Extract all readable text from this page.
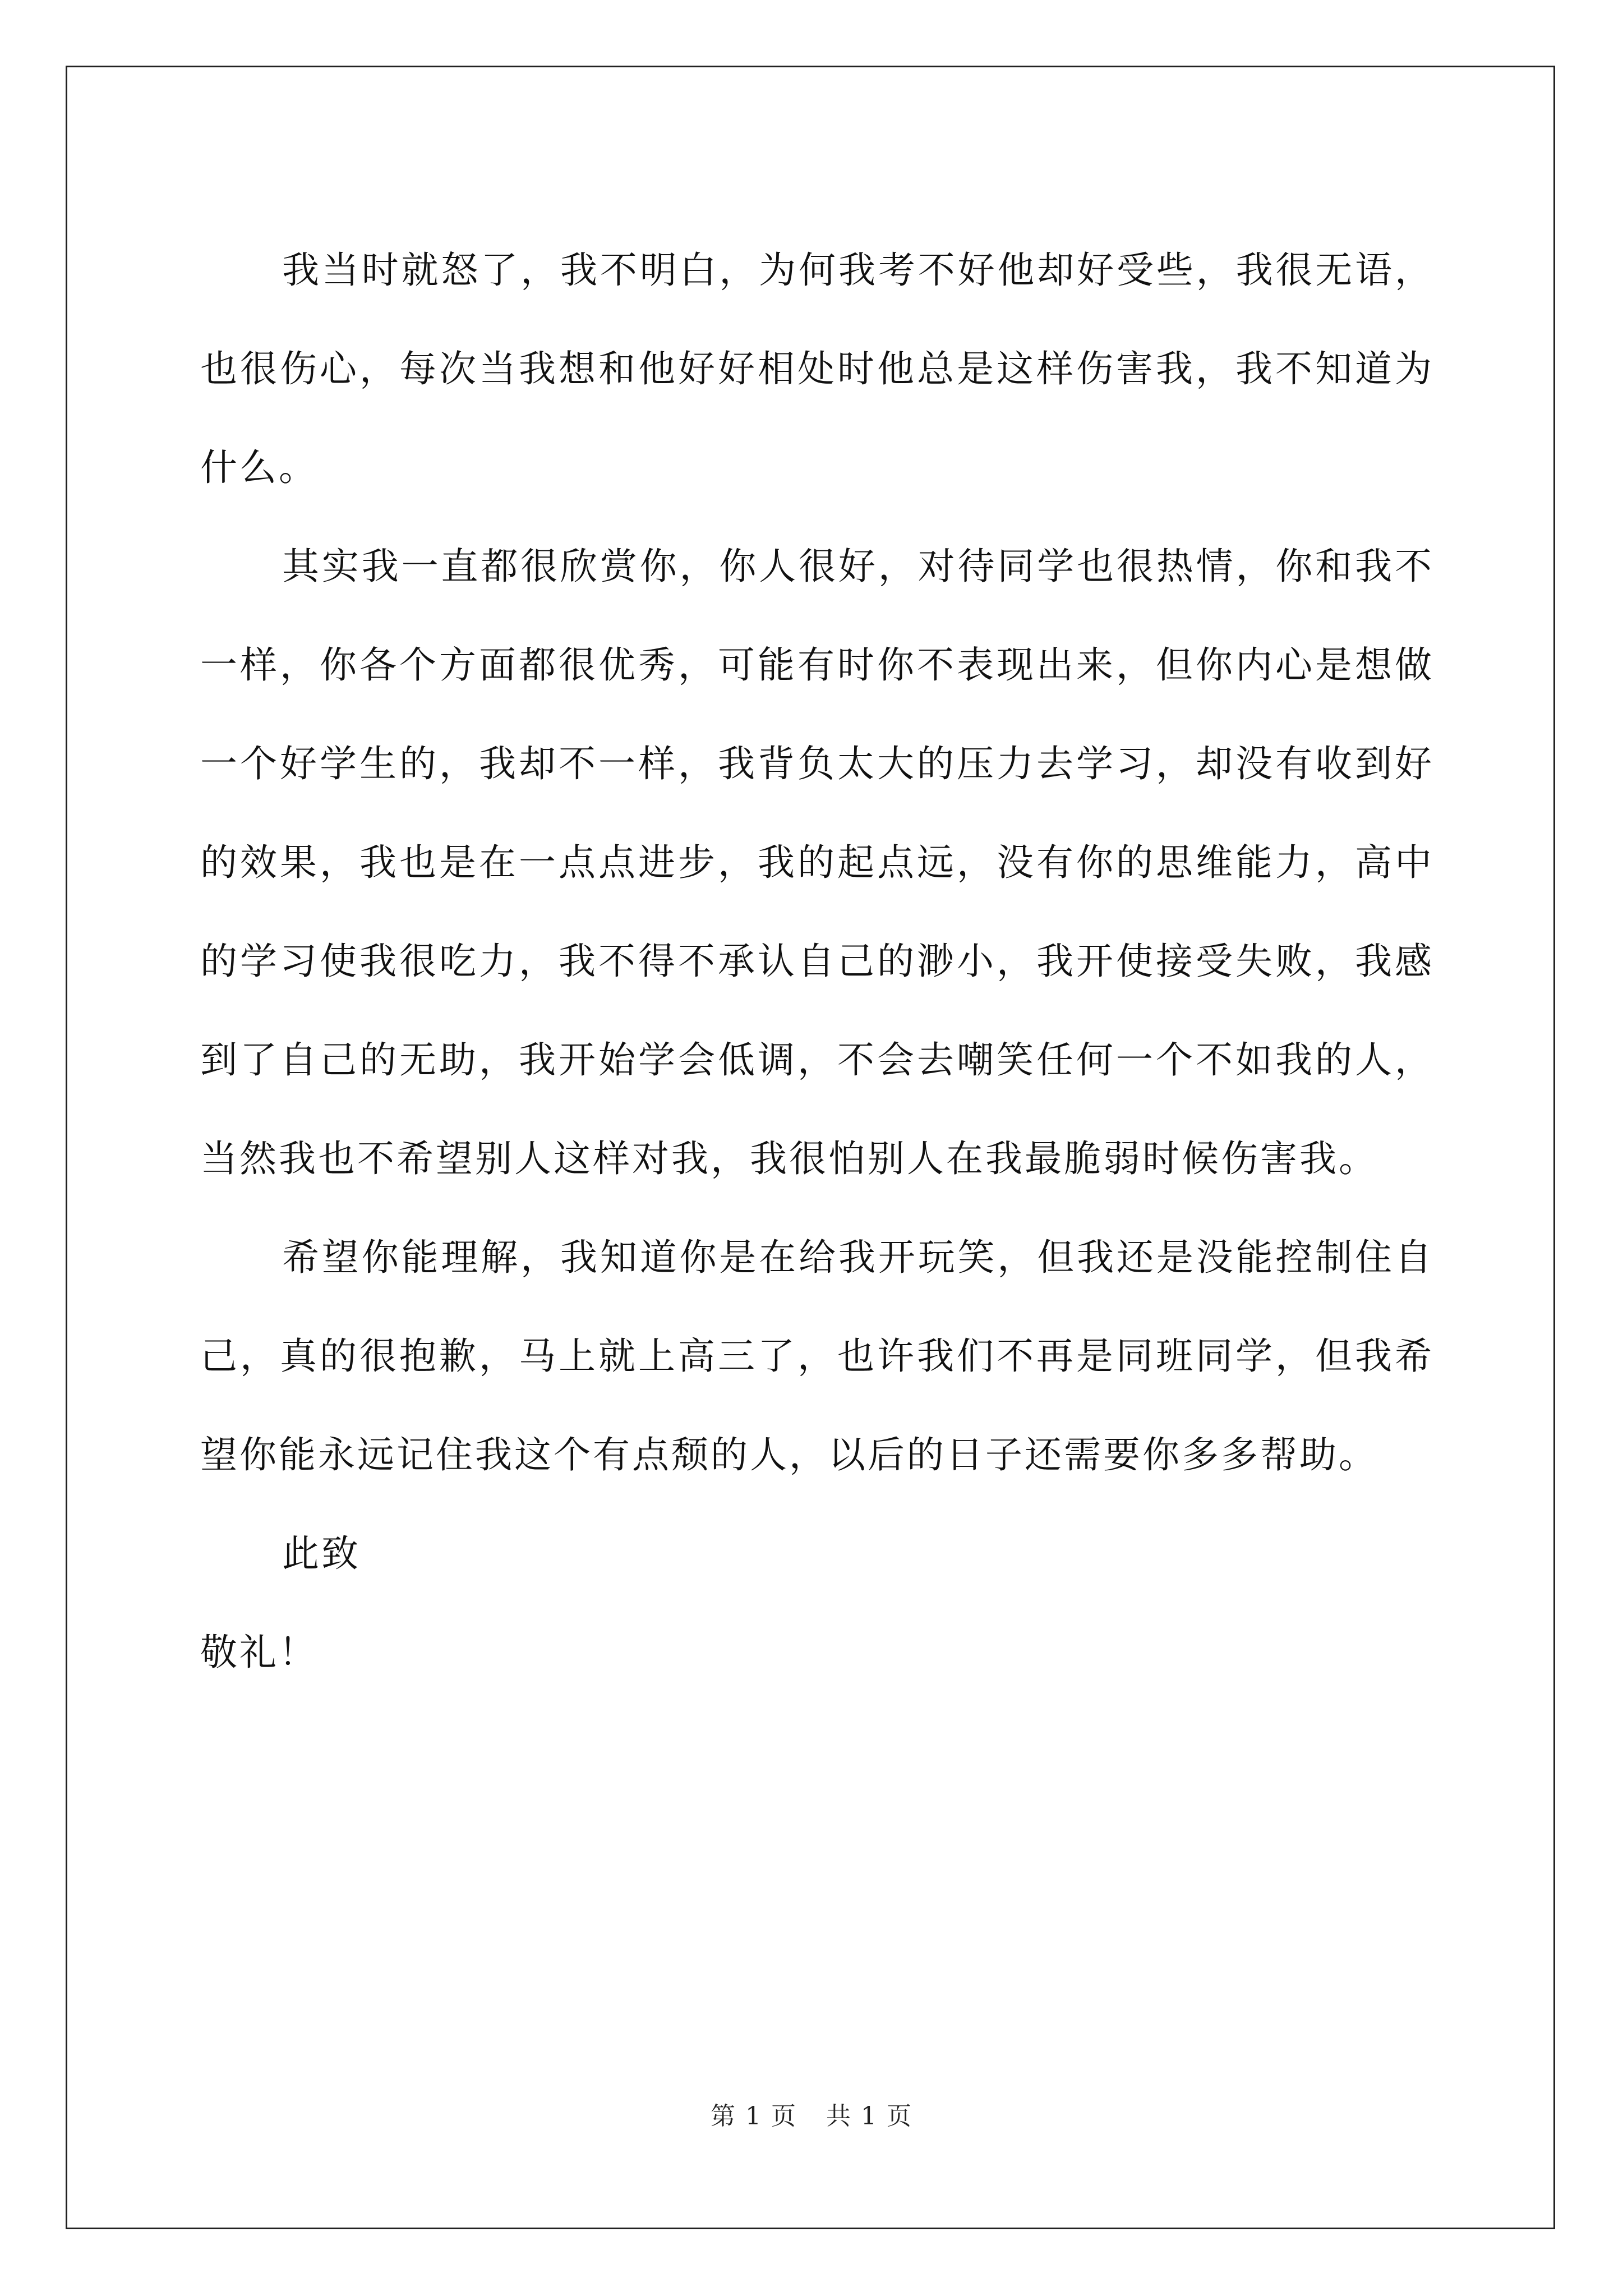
我当时就怒了，我不明白，为何我考不好他却好受些，我很无语，也很伤心，每次当我想和他好好相处时他总是这样伤害我，我不知道为什么。

其实我一直都很欣赏你，你人很好，对待同学也很热情，你和我不一样，你各个方面都很优秀，可能有时你不表现出来，但你内心是想做一个好学生的，我却不一样，我背负太大的压力去学习，却没有收到好的效果，我也是在一点点进步，我的起点远，没有你的思维能力，高中的学习使我很吃力，我不得不承认自己的渺小，我开使接受失败，我感到了自己的无助，我开始学会低调，不会去嘲笑任何一个不如我的人，当然我也不希望别人这样对我，我很怕别人在我最脆弱时候伤害我。

希望你能理解，我知道你是在给我开玩笑，但我还是没能控制住自己，真的很抱歉，马上就上高三了，也许我们不再是同班同学，但我希望你能永远记住我这个有点颓的人，以后的日子还需要你多多帮助。

此致

敬礼！

第 1 页 共 1 页
